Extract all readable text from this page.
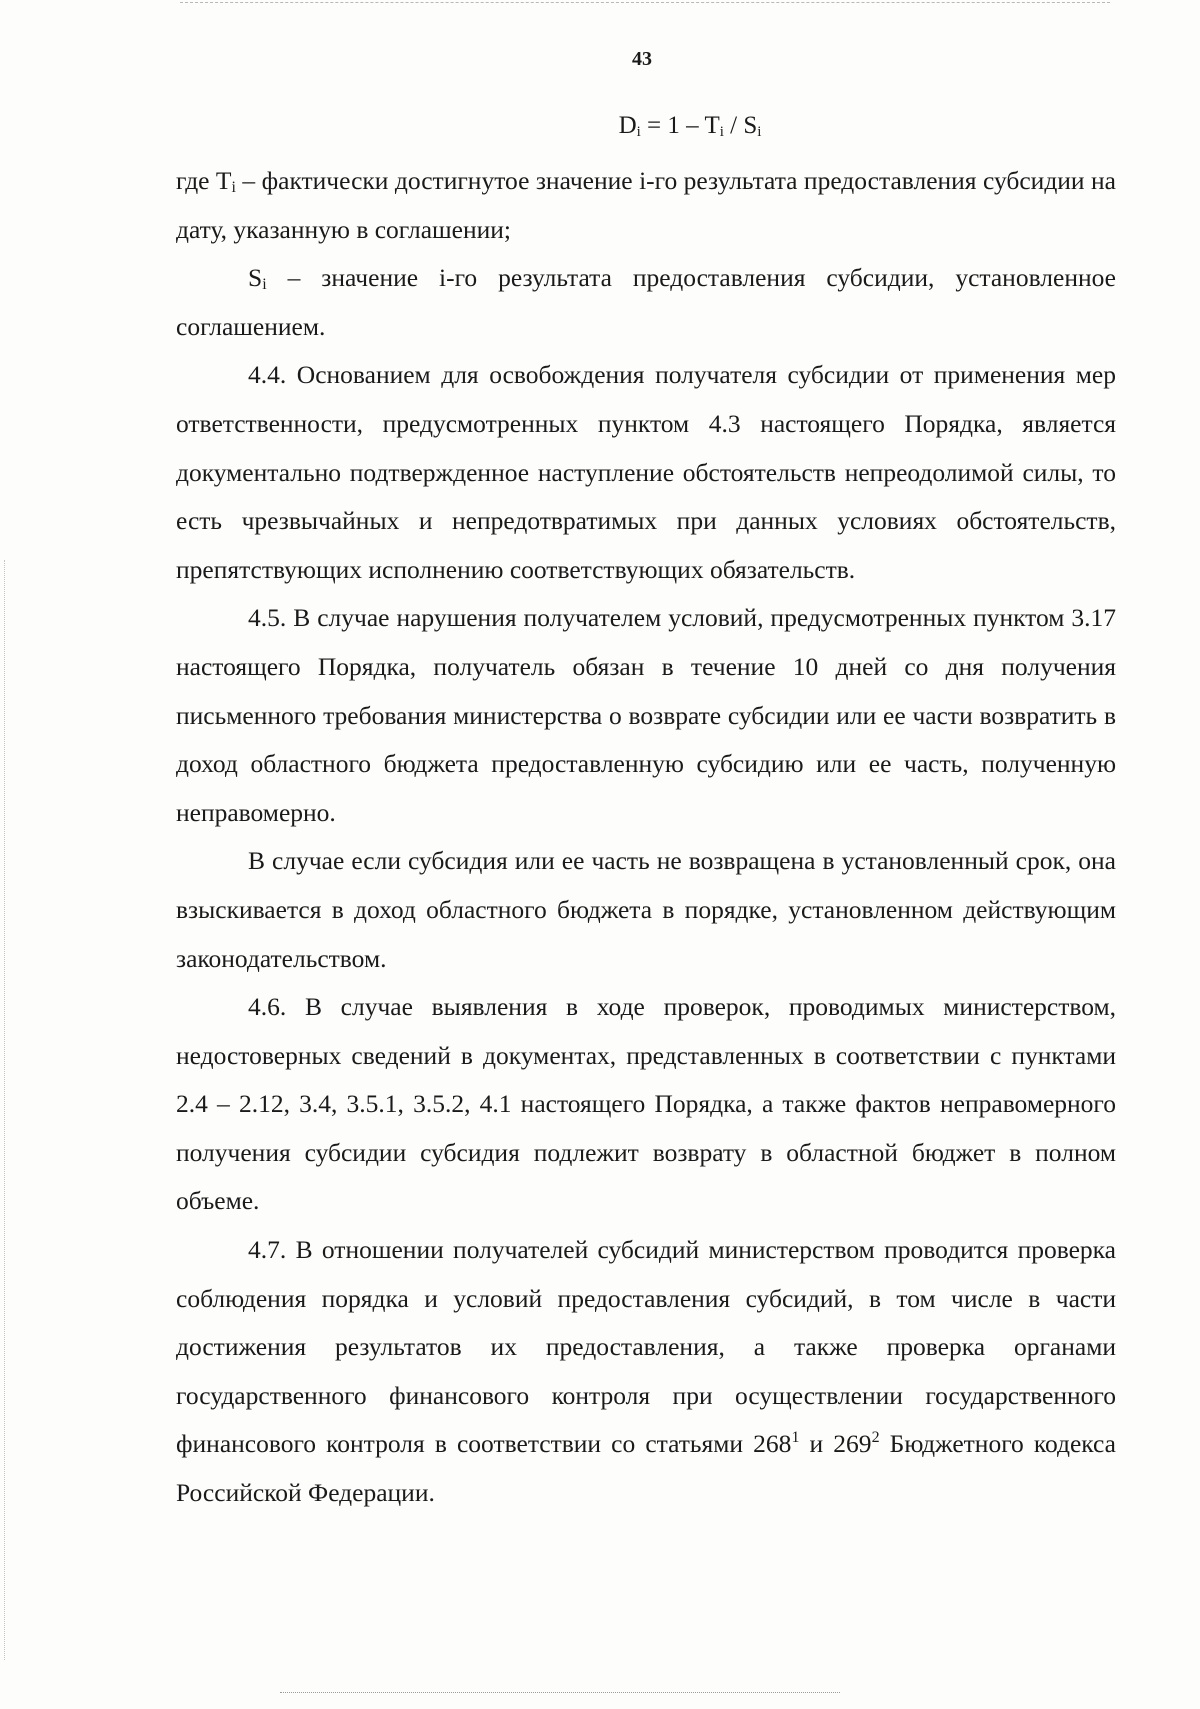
43
$D_i = 1 - T_i / S_i$

где $T_i$ – фактически достигнутое значение i-го результата предоставления субсидии на дату, указанную в соглашении;

$S_i$ – значение i-го результата предоставления субсидии, установленное соглашением.

4.4. Основанием для освобождения получателя субсидии от применения мер ответственности, предусмотренных пунктом 4.3 настоящего Порядка, является документально подтвержденное наступление обстоятельств непреодолимой силы, то есть чрезвычайных и непредотвратимых при данных условиях обстоятельств, препятствующих исполнению соответствующих обязательств.

4.5. В случае нарушения получателем условий, предусмотренных пунктом 3.17 настоящего Порядка, получатель обязан в течение 10 дней со дня получения письменного требования министерства о возврате субсидии или ее части возвратить в доход областного бюджета предоставленную субсидию или ее часть, полученную неправомерно.

В случае если субсидия или ее часть не возвращена в установленный срок, она взыскивается в доход областного бюджета в порядке, установленном действующим законодательством.

4.6. В случае выявления в ходе проверок, проводимых министерством, недостоверных сведений в документах, представленных в соответствии с пунктами 2.4 – 2.12, 3.4, 3.5.1, 3.5.2, 4.1 настоящего Порядка, а также фактов неправомерного получения субсидии субсидия подлежит возврату в областной бюджет в полном объеме.

4.7. В отношении получателей субсидий министерством проводится проверка соблюдения порядка и условий предоставления субсидий, в том числе в части достижения результатов их предоставления, а также проверка органами государственного финансового контроля при осуществлении государственного финансового контроля в соответствии со статьями $268^1$ и $269^2$ Бюджетного кодекса Российской Федерации.
